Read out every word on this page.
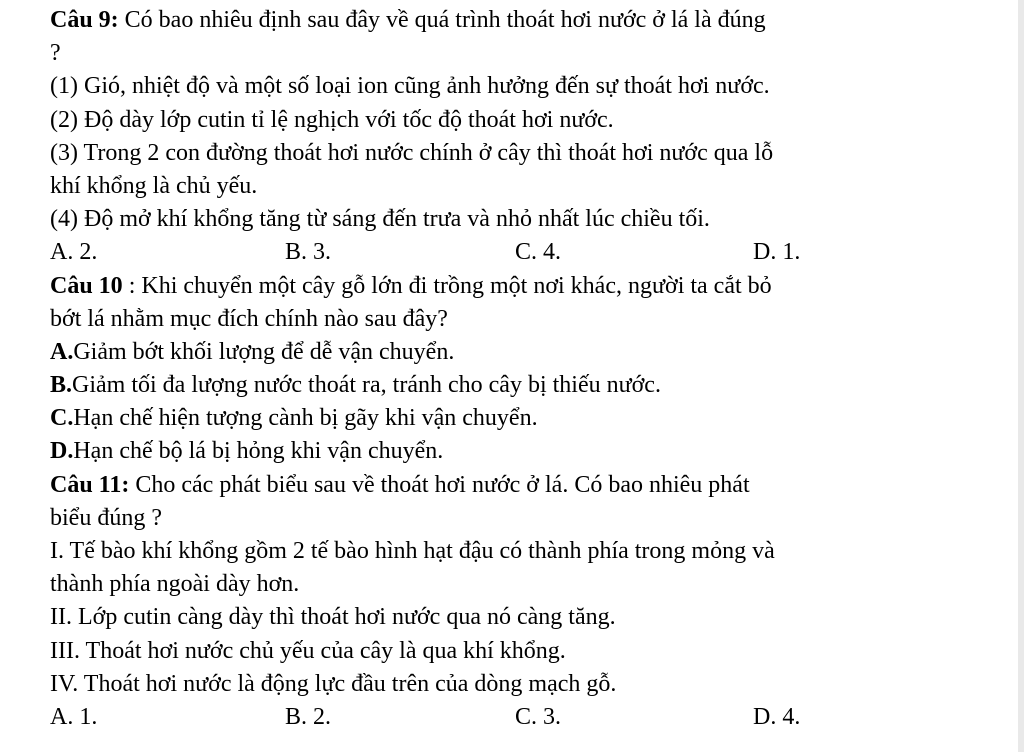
Câu 9: Có bao nhiêu định sau đây về quá trình thoát hơi nước ở lá là đúng
?
(1) Gió, nhiệt độ và một số loại ion cũng ảnh hưởng đến sự thoát hơi nước.
(2) Độ dày lớp cutin tỉ lệ nghịch với tốc độ thoát hơi nước.
(3) Trong 2 con đường thoát hơi nước chính ở cây thì thoát hơi nước qua lỗ
khí khổng là chủ yếu.
(4) Độ mở khí khổng tăng từ sáng đến trưa và nhỏ nhất lúc chiều tối.
A. 2.	B. 3.	C. 4.	D. 1.
Câu 10 : Khi chuyển một cây gỗ lớn đi trồng một nơi khác, người ta cắt bỏ
bớt lá nhằm mục đích chính nào sau đây?
A.Giảm bớt khối lượng để dễ vận chuyển.
B.Giảm tối đa lượng nước thoát ra, tránh cho cây bị thiếu nước.
C.Hạn chế hiện tượng cành bị gãy khi vận chuyển.
D.Hạn chế bộ lá bị hỏng khi vận chuyển.
Câu 11: Cho các phát biểu sau về thoát hơi nước ở lá. Có bao nhiêu phát
biểu đúng ?
I. Tế bào khí khổng gồm 2 tế bào hình hạt đậu có thành phía trong mỏng và
thành phía ngoài dày hơn.
II. Lớp cutin càng dày thì thoát hơi nước qua nó càng tăng.
III. Thoát hơi nước chủ yếu của cây là qua khí khổng.
IV. Thoát hơi nước là động lực đầu trên của dòng mạch gỗ.
A. 1.	B. 2.	C. 3.	D. 4.
